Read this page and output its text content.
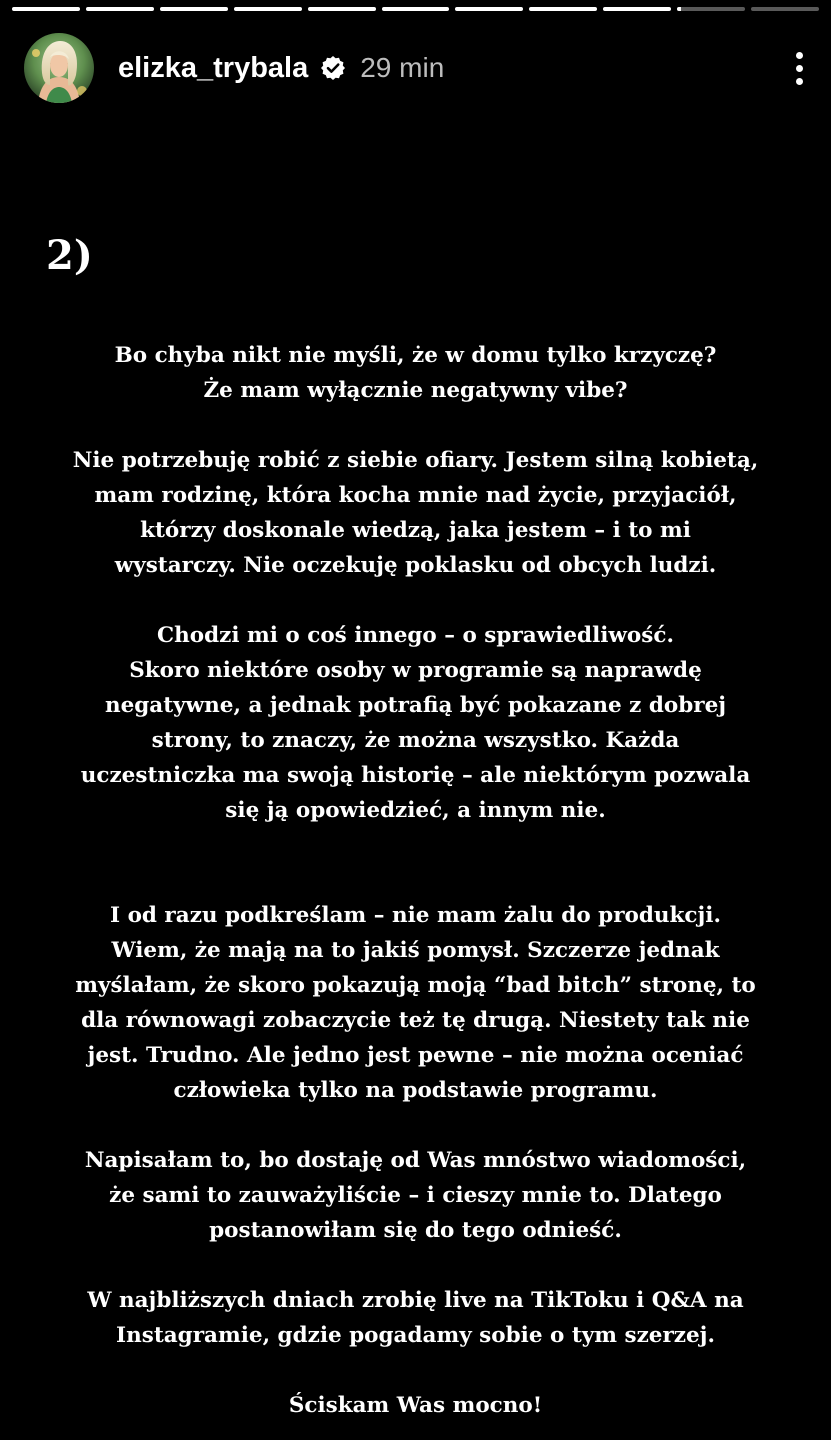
elizka_trybala 29 min
2)

Bo chyba nikt nie myśli, że w domu tylko krzyczę?
Że mam wyłącznie negatywny vibe?

Nie potrzebuję robić z siebie ofiary. Jestem silną kobietą,
mam rodzinę, która kocha mnie nad życie, przyjaciół,
którzy doskonale wiedzą, jaka jestem – i to mi
wystarczy. Nie oczekuję poklasku od obcych ludzi.

Chodzi mi o coś innego – o sprawiedliwość.
Skoro niektóre osoby w programie są naprawdę
negatywne, a jednak potrafią być pokazane z dobrej
strony, to znaczy, że można wszystko. Każda
uczestniczka ma swoją historię – ale niektórym pozwala
się ją opowiedzieć, a innym nie.

I od razu podkreślam – nie mam żalu do produkcji.
Wiem, że mają na to jakiś pomysł. Szczerze jednak
myślałam, że skoro pokazują moją “bad bitch” stronę, to
dla równowagi zobaczycie też tę drugą. Niestety tak nie
jest. Trudno. Ale jedno jest pewne – nie można oceniać
człowieka tylko na podstawie programu.

Napisałam to, bo dostaję od Was mnóstwo wiadomości,
że sami to zauważyliście – i cieszy mnie to. Dlatego
postanowiłam się do tego odnieść.

W najbliższych dniach zrobię live na TikToku i Q&A na
Instagramie, gdzie pogadamy sobie o tym szerzej.

Ściskam Was mocno!
